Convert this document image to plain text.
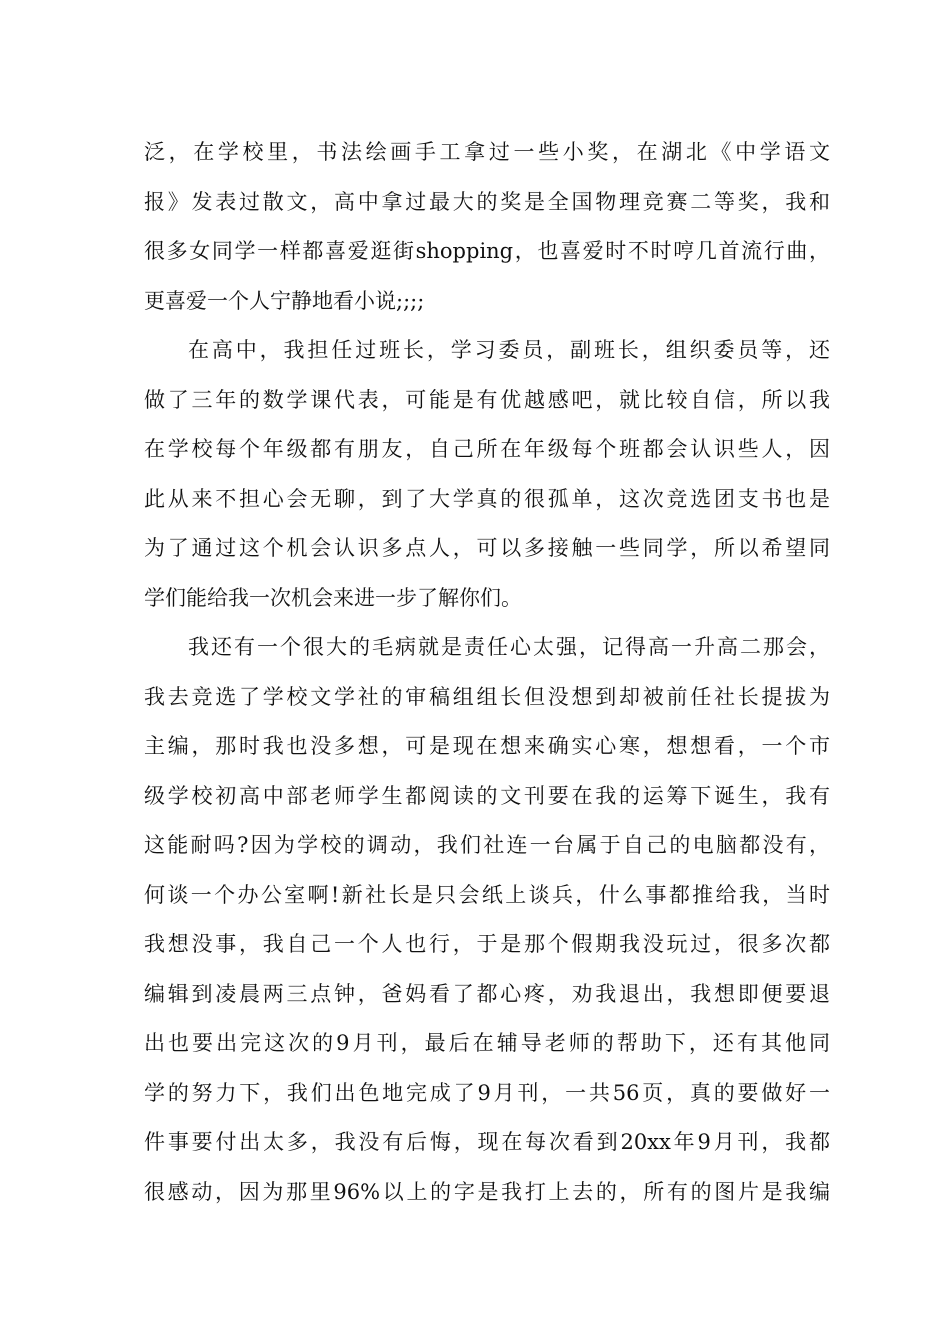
泛，在学校里，书法绘画手工拿过一些小奖，在湖北《中学语文
报》发表过散文，高中拿过最大的奖是全国物理竞赛二等奖，我和
很多女同学一样都喜爱逛街shopping，也喜爱时不时哼几首流行曲，
更喜爱一个人宁静地看小说;;;;
在高中，我担任过班长，学习委员，副班长，组织委员等，还
做了三年的数学课代表，可能是有优越感吧，就比较自信，所以我
在学校每个年级都有朋友，自己所在年级每个班都会认识些人，因
此从来不担心会无聊，到了大学真的很孤单，这次竞选团支书也是
为了通过这个机会认识多点人，可以多接触一些同学，所以希望同
学们能给我一次机会来进一步了解你们。
我还有一个很大的毛病就是责任心太强，记得高一升高二那会，
我去竞选了学校文学社的审稿组组长但没想到却被前任社长提拔为
主编，那时我也没多想，可是现在想来确实心寒，想想看，一个市
级学校初高中部老师学生都阅读的文刊要在我的运筹下诞生，我有
这能耐吗?因为学校的调动，我们社连一台属于自己的电脑都没有，
何谈一个办公室啊!新社长是只会纸上谈兵，什么事都推给我，当时
我想没事，我自己一个人也行，于是那个假期我没玩过，很多次都
编辑到凌晨两三点钟，爸妈看了都心疼，劝我退出，我想即便要退
出也要出完这次的9月刊，最后在辅导老师的帮助下，还有其他同
学的努力下，我们出色地完成了9月刊，一共56页，真的要做好一
件事要付出太多，我没有后悔，现在每次看到20xx年9月刊，我都
很感动，因为那里96%以上的字是我打上去的，所有的图片是我编
